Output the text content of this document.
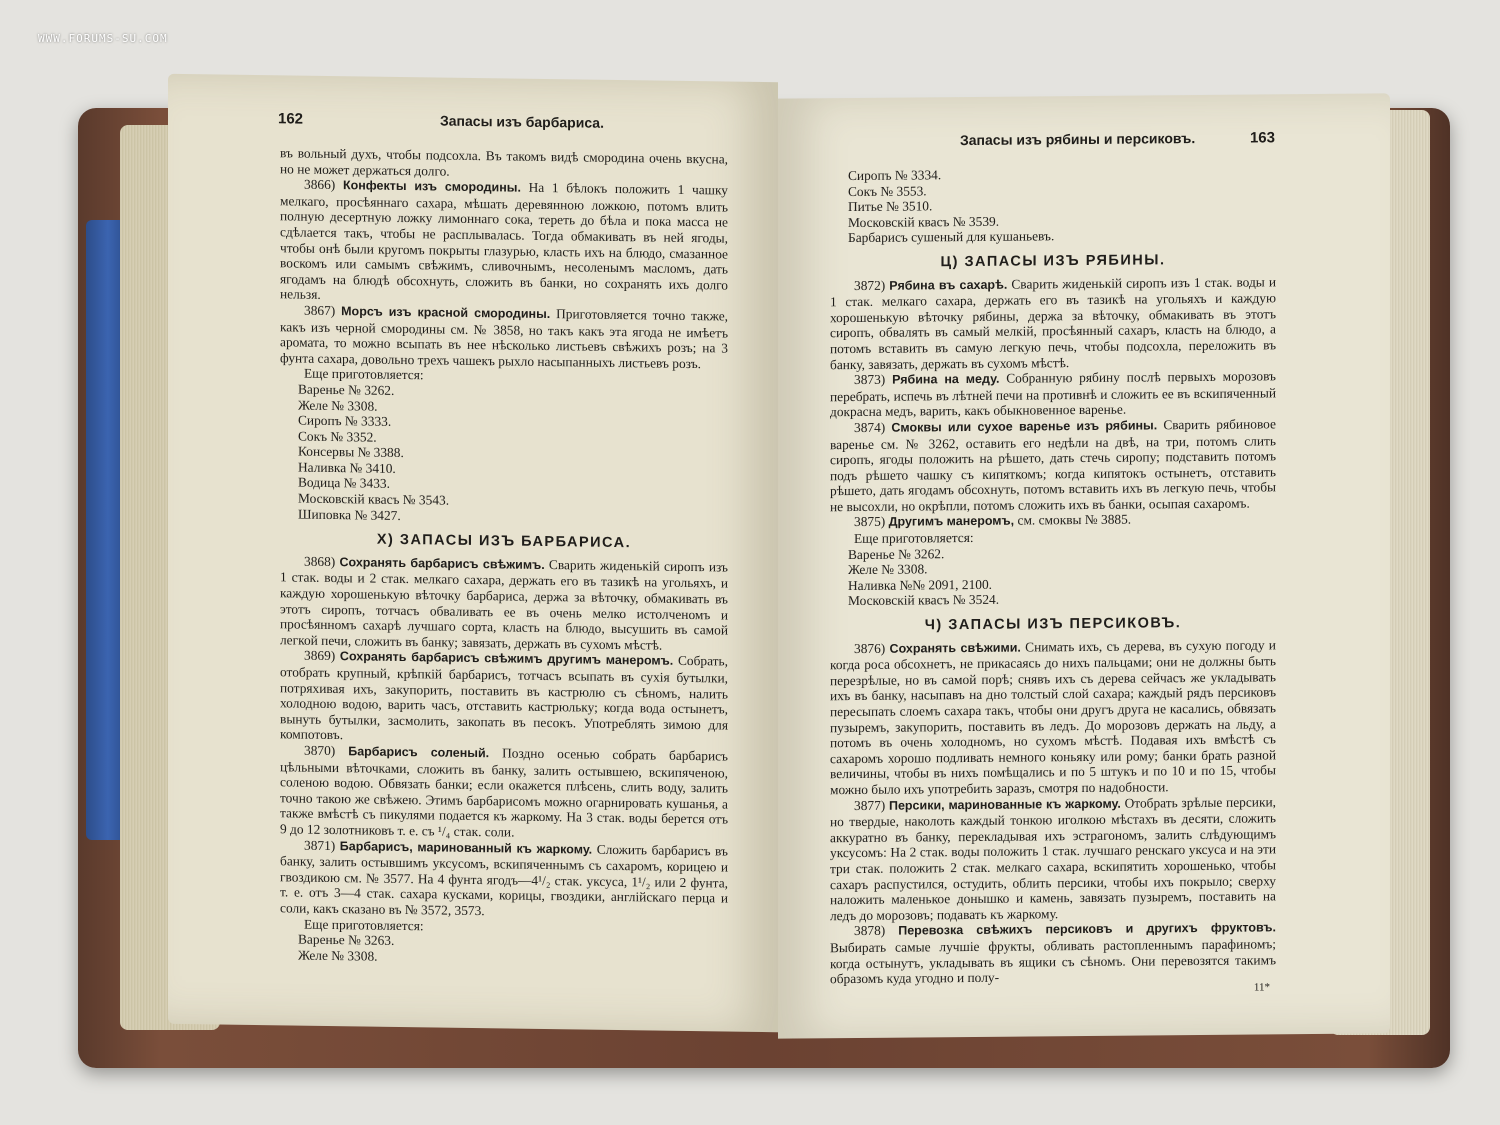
WWW.FORUMS-SU.COM
162	Запасы изъ барбариса.

въ вольный духъ, чтобы подсохла. Въ такомъ видѣ смородина очень вкусна, но не может держаться долго.

3866) Конфекты изъ смородины. На 1 бѣлокъ положить 1 чашку мелкаго, просѣяннаго сахара, мѣшать деревянною ложкою, потомъ влить полную десертную ложку лимоннаго сока, тереть до бѣла и пока масса не сдѣлается такъ, чтобы не расплывалась. Тогда обмакивать въ ней ягоды, чтобы онѣ были кругомъ покрыты глазурью, класть ихъ на блюдо, смазанное воскомъ или самымъ свѣжимъ, сливочнымъ, несоленымъ масломъ, дать ягодамъ на блюдѣ обсохнуть, сложить въ банки, но сохранять ихъ долго нельзя.

3867) Морсъ изъ красной смородины. Приготовляется точно также, какъ изъ черной смородины см. № 3858, но такъ какъ эта ягода не имѣетъ аромата, то можно всыпать въ нее нѣсколько листьевъ свѣжихъ розъ; на 3 фунта сахара, довольно трехъ чашекъ рыхло насыпанныхъ листьевъ розъ.

Еще приготовляется:

Варенье № 3262.
Желе № 3308.
Сиропъ № 3333.
Сокъ № 3352.
Консервы № 3388.
Наливка № 3410.
Водица № 3433.
Московскій квасъ № 3543.
Шиповка № 3427.
Х) ЗАПАСЫ ИЗЪ БАРБАРИСА.

3868) Сохранять барбарисъ свѣжимъ. Сварить жиденькій сиропъ изъ 1 стак. воды и 2 стак. мелкаго сахара, держать его въ тазикѣ на угольяхъ, и каждую хорошенькую вѣточку барбариса, держа за вѣточку, обмакивать въ этотъ сиропъ, тотчасъ обваливать ее въ очень мелко истолченомъ и просѣянномъ сахарѣ лучшаго сорта, класть на блюдо, высушить въ самой легкой печи, сложить въ банку; завязать, держать въ сухомъ мѣстѣ.

3869) Сохранять барбарисъ свѣжимъ другимъ манеромъ. Собрать, отобрать крупный, крѣпкій барбарисъ, тотчасъ всыпать въ сухія бутылки, потряхивая ихъ, закупорить, поставить въ кастрюлю съ сѣномъ, налить холодною водою, варить часъ, отставить кастрюльку; когда вода остынетъ, вынуть бутылки, засмолить, закопать въ песокъ. Употреблять зимою для компотовъ.

3870) Барбарисъ соленый. Поздно осенью собрать барбарисъ цѣльными вѣточками, сложить въ банку, залить остывшею, вскипяченою, соленою водою. Обвязать банки; если окажется плѣсень, слить воду, залить точно такою же свѣжею. Этимъ барбарисомъ можно огарнировать кушанья, а также вмѣстѣ съ пикулями подается къ жаркому. На 3 стак. воды берется отъ 9 до 12 золотниковъ т. е. съ ¹/₄ стак. соли.

3871) Барбарисъ, маринованный къ жаркому. Сложить барбарисъ въ банку, залить остывшимъ уксусомъ, вскипяченнымъ съ сахаромъ, корицею и гвоздикою см. № 3577. На 4 фунта ягодъ—4¹/₂ стак. уксуса, 1¹/₂ или 2 фунта, т. е. отъ 3—4 стак. сахара кусками, корицы, гвоздики, англійскаго перца и соли, какъ сказано въ № 3572, 3573.

Еще приготовляется:

Варенье № 3263.
Желе № 3308.
Запасы изъ рябины и персиковъ.	163
Сиропъ № 3334.
Сокъ № 3553.
Питье № 3510.
Московскій квасъ № 3539.
Барбарисъ сушеный для кушаньевъ.
Ц) ЗАПАСЫ ИЗЪ РЯБИНЫ.

3872) Рябина въ сахарѣ. Сварить жиденькій сиропъ изъ 1 стак. воды и 1 стак. мелкаго сахара, держать его въ тазикѣ на угольяхъ и каждую хорошенькую вѣточку рябины, держа за вѣточку, обмакивать въ этотъ сиропъ, обвалять въ самый мелкій, просѣянный сахаръ, класть на блюдо, а потомъ вставить въ самую легкую печь, чтобы подсохла, переложить въ банку, завязать, держать въ сухомъ мѣстѣ.

3873) Рябина на меду. Собранную рябину послѣ первыхъ морозовъ перебрать, испечь въ лѣтней печи на противнѣ и сложить ее въ вскипяченный докрасна медъ, варить, какъ обыкновенное варенье.

3874) Смоквы или сухое варенье изъ рябины. Сварить рябиновое варенье см. № 3262, оставить его недѣли на двѣ, на три, потомъ слить сиропъ, ягоды положить на рѣшето, дать стечь сиропу; подставить потомъ подъ рѣшето чашку съ кипяткомъ; когда кипятокъ остынетъ, отставить рѣшето, дать ягодамъ обсохнуть, потомъ вставить ихъ въ легкую печь, чтобы не высохли, но окрѣпли, потомъ сложить ихъ въ банки, осыпая сахаромъ.

3875) Другимъ манеромъ, см. смоквы № 3885.

Еще приготовляется:

Варенье № 3262.
Желе № 3308.
Наливка №№ 2091, 2100.
Московскій квасъ № 3524.
Ч) ЗАПАСЫ ИЗЪ ПЕРСИКОВЪ.

3876) Сохранять свѣжими. Снимать ихъ, съ дерева, въ сухую погоду и когда роса обсохнетъ, не прикасаясь до нихъ пальцами; они не должны быть перезрѣлые, но въ самой порѣ; снявъ ихъ съ дерева сейчасъ же укладывать ихъ въ банку, насыпавъ на дно толстый слой сахара; каждый рядъ персиковъ пересыпать слоемъ сахара такъ, чтобы они другъ друга не касались, обвязать пузыремъ, закупорить, поставить въ ледъ. До морозовъ держать на льду, а потомъ въ очень холодномъ, но сухомъ мѣстѣ. Подавая ихъ вмѣстѣ съ сахаромъ хорошо подливать немного коньяку или рому; банки брать разной величины, чтобы въ нихъ помѣщались и по 5 штукъ и по 10 и по 15, чтобы можно было ихъ употребить заразъ, смотря по надобности.

3877) Персики, маринованные къ жаркому. Отобрать зрѣлые персики, но твердые, наколоть каждый тонкою иголкою мѣстахъ въ десяти, сложить аккуратно въ банку, перекладывая ихъ эстрагономъ, залить слѣдующимъ уксусомъ: На 2 стак. воды положить 1 стак. лучшаго ренскаго уксуса и на эти три стак. положить 2 стак. мелкаго сахара, вскипятить хорошенько, чтобы сахаръ распустился, остудить, облить персики, чтобы ихъ покрыло; сверху наложить маленькое донышко и камень, завязать пузыремъ, поставить на ледъ до морозовъ; подавать къ жаркому.

3878) Перевозка свѣжихъ персиковъ и другихъ фруктовъ. Выбирать самые лучшіе фрукты, обливать растопленнымъ парафиномъ; когда остынутъ, укладывать въ ящики съ сѣномъ. Они перевозятся такимъ образомъ куда угодно и полу-

11*
